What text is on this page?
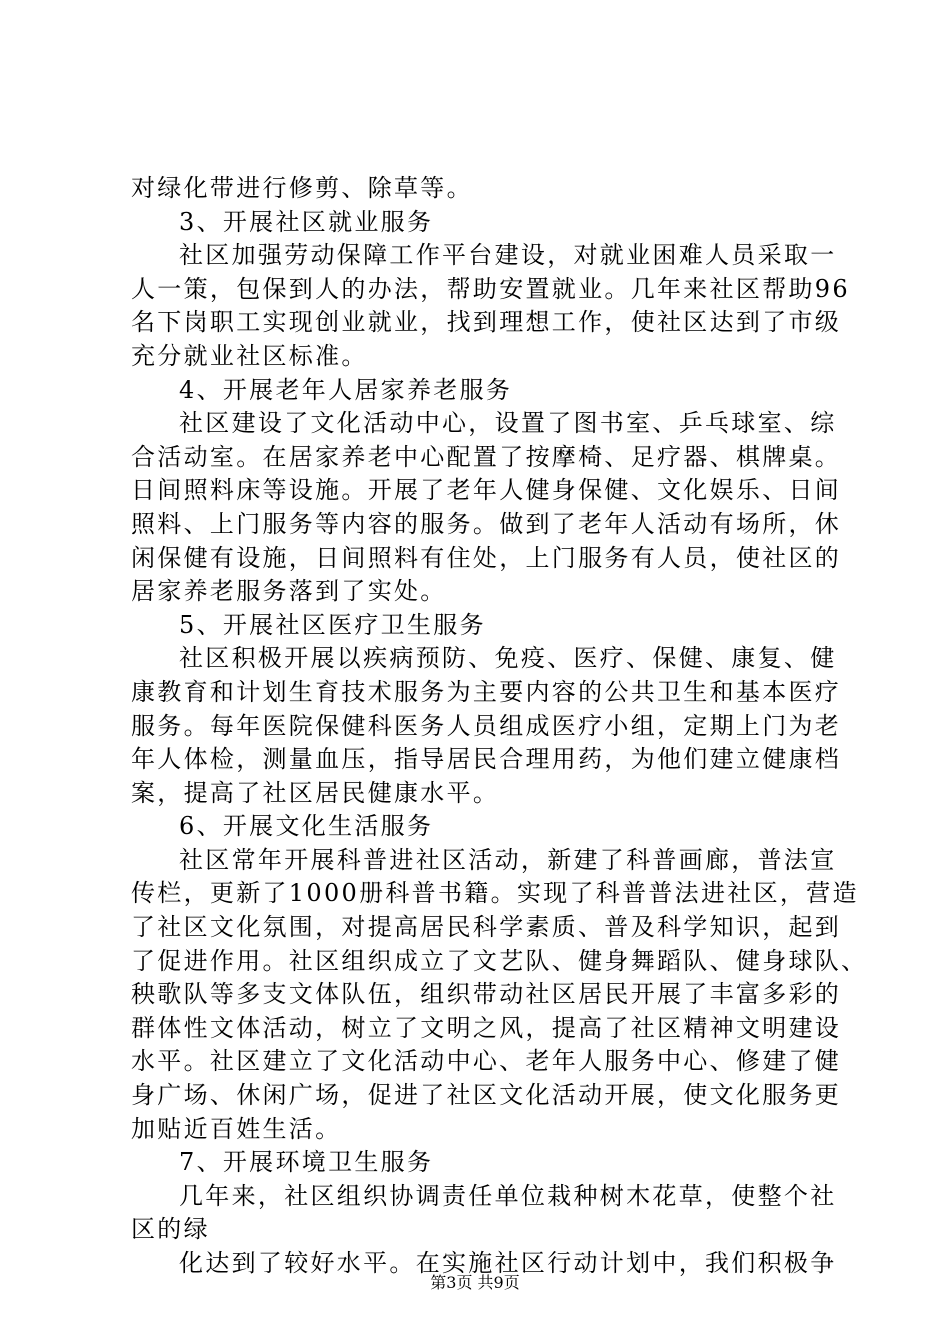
对绿化带进行修剪、除草等。
3、开展社区就业服务
社区加强劳动保障工作平台建设，对就业困难人员采取一
人一策，包保到人的办法，帮助安置就业。几年来社区帮助96
名下岗职工实现创业就业，找到理想工作，使社区达到了市级
充分就业社区标准。
4、开展老年人居家养老服务
社区建设了文化活动中心，设置了图书室、乒乓球室、综
合活动室。在居家养老中心配置了按摩椅、足疗器、棋牌桌。
日间照料床等设施。开展了老年人健身保健、文化娱乐、日间
照料、上门服务等内容的服务。做到了老年人活动有场所，休
闲保健有设施，日间照料有住处，上门服务有人员，使社区的
居家养老服务落到了实处。
5、开展社区医疗卫生服务
社区积极开展以疾病预防、免疫、医疗、保健、康复、健
康教育和计划生育技术服务为主要内容的公共卫生和基本医疗
服务。每年医院保健科医务人员组成医疗小组，定期上门为老
年人体检，测量血压，指导居民合理用药，为他们建立健康档
案，提高了社区居民健康水平。
6、开展文化生活服务
社区常年开展科普进社区活动，新建了科普画廊，普法宣
传栏，更新了1000册科普书籍。实现了科普普法进社区，营造
了社区文化氛围，对提高居民科学素质、普及科学知识，起到
了促进作用。社区组织成立了文艺队、健身舞蹈队、健身球队、
秧歌队等多支文体队伍，组织带动社区居民开展了丰富多彩的
群体性文体活动，树立了文明之风，提高了社区精神文明建设
水平。社区建立了文化活动中心、老年人服务中心、修建了健
身广场、休闲广场，促进了社区文化活动开展，使文化服务更
加贴近百姓生活。
7、开展环境卫生服务
几年来，社区组织协调责任单位栽种树木花草，使整个社
区的绿
化达到了较好水平。在实施社区行动计划中，我们积极争
第3页 共9页
